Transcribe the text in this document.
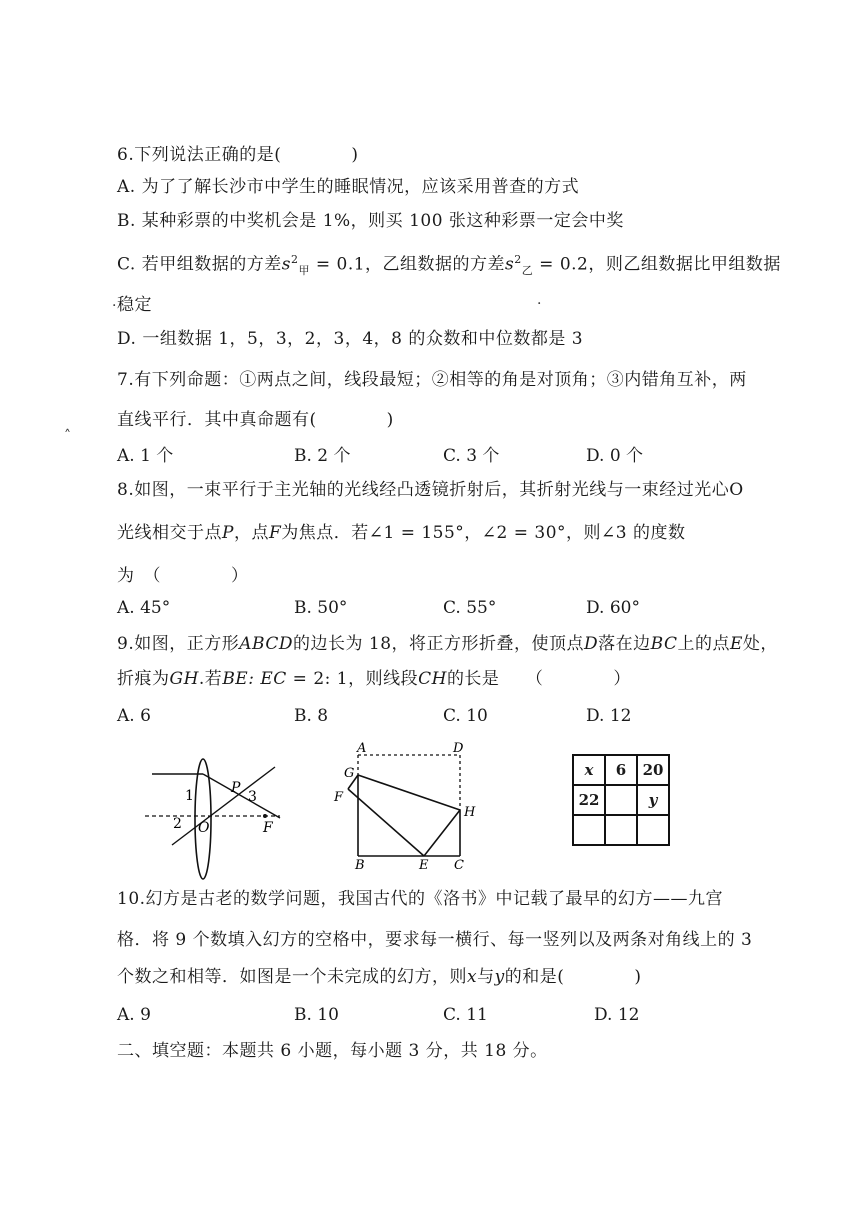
6.下列说法正确的是(　　　　)
A. 为了了解长沙市中学生的睡眠情况，应该采用普查的方式
B. 某种彩票的中奖机会是 1%，则买 100 张这种彩票一定会中奖
C. 若甲组数据的方差$s^2_甲 = 0.1$，乙组数据的方差$s^2_乙 = 0.2$，则乙组数据比甲组数据
稳定
D. 一组数据 1，5，3，2，3，4，8 的众数和中位数都是 3
·	·
˄
7.有下列命题：①两点之间，线段最短；②相等的角是对顶角；③内错角互补，两
直线平行．其中真命题有(　　　　)
A. 1 个	B. 2 个	C. 3 个	D. 0 个
8.如图，一束平行于主光轴的光线经凸透镜折射后，其折射光线与一束经过光心O
光线相交于点P，点F为焦点．若∠1 = 155°，∠2 = 30°，则∠3 的度数
为　（　　　　）
A. 45°	B. 50°	C. 55°	D. 60°
9.如图，正方形ABCD的边长为 18，将正方形折叠，使顶点D落在边BC上的点E处，
折痕为GH.若BE: EC = 2: 1，则线段CH的长是　　（　　　　）
A. 6	B. 8	C. 10	D. 12
1
2
3
P
O	F
A	D
G
F
H
B	E C
x	6	20
22		y

10.幻方是古老的数学问题，我国古代的《洛书》中记载了最早的幻方——九宫
格．将 9 个数填入幻方的空格中，要求每一横行、每一竖列以及两条对角线上的 3
个数之和相等．如图是一个未完成的幻方，则x与y的和是(　　　　)
A. 9	B. 10	C. 11	D. 12
二、填空题：本题共 6 小题，每小题 3 分，共 18 分。
